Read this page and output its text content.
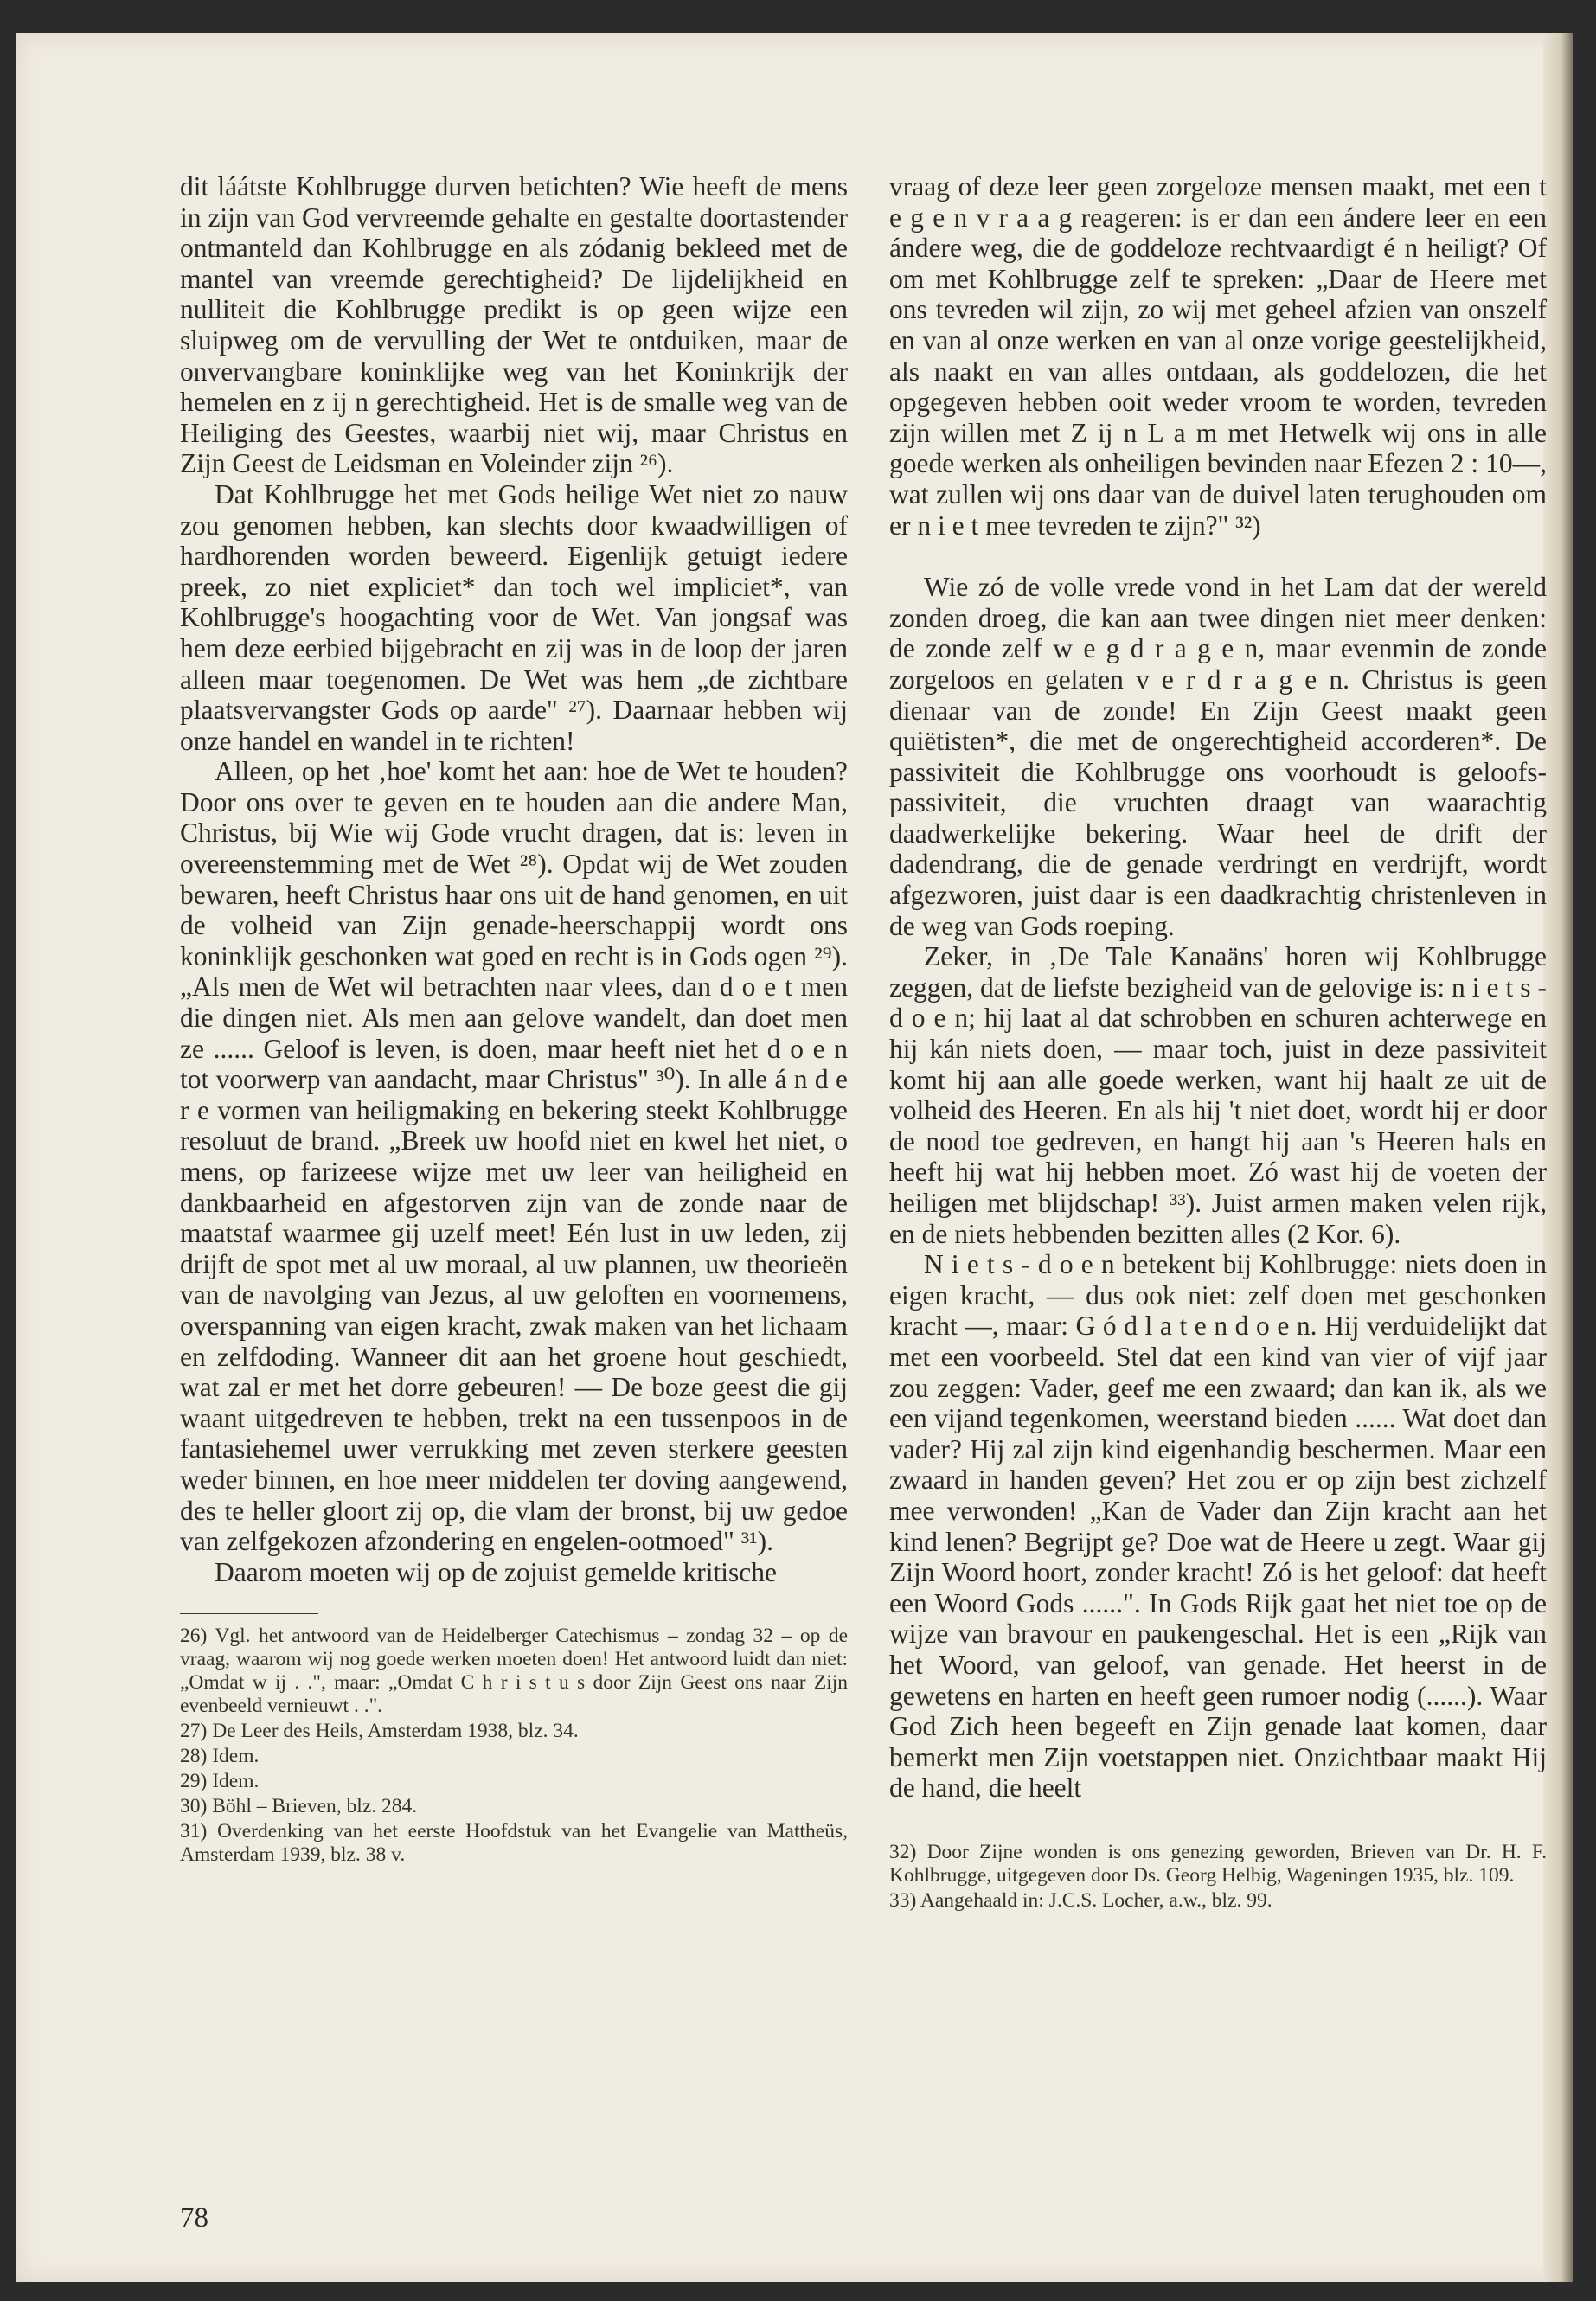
dit láátste Kohlbrugge durven betichten? Wie heeft de mens in zijn van God vervreemde gehalte en gestalte doortastender ontmanteld dan Kohlbrugge en als zódanig bekleed met de mantel van vreemde gerechtigheid? De lijdelijkheid en nulliteit die Kohlbrugge predikt is op geen wijze een sluipweg om de vervulling der Wet te ontduiken, maar de onvervangbare koninklijke weg van het Koninkrijk der hemelen en z ij n gerechtigheid. Het is de smalle weg van de Heiliging des Geestes, waarbij niet wij, maar Christus en Zijn Geest de Leidsman en Voleinder zijn ²⁶).

Dat Kohlbrugge het met Gods heilige Wet niet zo nauw zou genomen hebben, kan slechts door kwaadwilligen of hardhorenden worden beweerd. Eigenlijk getuigt iedere preek, zo niet expliciet* dan toch wel impliciet*, van Kohlbrugge's hoogachting voor de Wet. Van jongsaf was hem deze eerbied bijgebracht en zij was in de loop der jaren alleen maar toegenomen. De Wet was hem „de zichtbare plaatsvervangster Gods op aarde" ²⁷). Daarnaar hebben wij onze handel en wandel in te richten!

Alleen, op het ‚hoe' komt het aan: hoe de Wet te houden? Door ons over te geven en te houden aan die andere Man, Christus, bij Wie wij Gode vrucht dragen, dat is: leven in overeenstemming met de Wet ²⁸). Opdat wij de Wet zouden bewaren, heeft Christus haar ons uit de hand genomen, en uit de volheid van Zijn genade-heerschappij wordt ons koninklijk geschonken wat goed en recht is in Gods ogen ²⁹). „Als men de Wet wil betrachten naar vlees, dan d o e t men die dingen niet. Als men aan gelove wandelt, dan doet men ze ...... Geloof is leven, is doen, maar heeft niet het d o e n tot voorwerp van aandacht, maar Christus" ³⁰). In alle á n d e r e vormen van heiligmaking en bekering steekt Kohlbrugge resoluut de brand. „Breek uw hoofd niet en kwel het niet, o mens, op farizeese wijze met uw leer van heiligheid en dankbaarheid en afgestorven zijn van de zonde naar de maatstaf waarmee gij uzelf meet! Eén lust in uw leden, zij drijft de spot met al uw moraal, al uw plannen, uw theorieën van de navolging van Jezus, al uw geloften en voornemens, overspanning van eigen kracht, zwak maken van het lichaam en zelfdoding. Wanneer dit aan het groene hout geschiedt, wat zal er met het dorre gebeuren! — De boze geest die gij waant uitgedreven te hebben, trekt na een tussenpoos in de fantasiehemel uwer verrukking met zeven sterkere geesten weder binnen, en hoe meer middelen ter doving aangewend, des te heller gloort zij op, die vlam der bronst, bij uw gedoe van zelfgekozen afzondering en engelen-ootmoed" ³¹).

Daarom moeten wij op de zojuist gemelde kritische

26) Vgl. het antwoord van de Heidelberger Catechismus – zondag 32 – op de vraag, waarom wij nog goede werken moeten doen! Het antwoord luidt dan niet: „Omdat w ij . .", maar: „Omdat C h r i s t u s door Zijn Geest ons naar Zijn evenbeeld vernieuwt . .".

27) De Leer des Heils, Amsterdam 1938, blz. 34.

28) Idem.

29) Idem.

30) Böhl – Brieven, blz. 284.

31) Overdenking van het eerste Hoofdstuk van het Evangelie van Mattheüs, Amsterdam 1939, blz. 38 v.

vraag of deze leer geen zorgeloze mensen maakt, met een t e g e n v r a a g reageren: is er dan een ándere leer en een ándere weg, die de goddeloze rechtvaardigt é n heiligt? Of om met Kohlbrugge zelf te spreken: „Daar de Heere met ons tevreden wil zijn, zo wij met geheel afzien van onszelf en van al onze werken en van al onze vorige geestelijkheid, als naakt en van alles ontdaan, als goddelozen, die het opgegeven hebben ooit weder vroom te worden, tevreden zijn willen met Z ij n L a m met Hetwelk wij ons in alle goede werken als onheiligen bevinden naar Efezen 2 : 10—, wat zullen wij ons daar van de duivel laten terughouden om er n i e t mee tevreden te zijn?" ³²)

Wie zó de volle vrede vond in het Lam dat der wereld zonden droeg, die kan aan twee dingen niet meer denken: de zonde zelf w e g d r a g e n, maar evenmin de zonde zorgeloos en gelaten v e r d r a g e n. Christus is geen dienaar van de zonde! En Zijn Geest maakt geen quiëtisten*, die met de ongerechtigheid accorderen*. De passiviteit die Kohlbrugge ons voorhoudt is geloofs-passiviteit, die vruchten draagt van waarachtig daadwerkelijke bekering. Waar heel de drift der dadendrang, die de genade verdringt en verdrijft, wordt afgezworen, juist daar is een daadkrachtig christenleven in de weg van Gods roeping.

Zeker, in ‚De Tale Kanaäns' horen wij Kohlbrugge zeggen, dat de liefste bezigheid van de gelovige is: n i e t s - d o e n; hij laat al dat schrobben en schuren achterwege en hij kán niets doen, — maar toch, juist in deze passiviteit komt hij aan alle goede werken, want hij haalt ze uit de volheid des Heeren. En als hij 't niet doet, wordt hij er door de nood toe gedreven, en hangt hij aan 's Heeren hals en heeft hij wat hij hebben moet. Zó wast hij de voeten der heiligen met blijdschap! ³³). Juist armen maken velen rijk, en de niets hebbenden bezitten alles (2 Kor. 6).

N i e t s - d o e n betekent bij Kohlbrugge: niets doen in eigen kracht, — dus ook niet: zelf doen met geschonken kracht —, maar: G ó d l a t e n d o e n. Hij verduidelijkt dat met een voorbeeld. Stel dat een kind van vier of vijf jaar zou zeggen: Vader, geef me een zwaard; dan kan ik, als we een vijand tegenkomen, weerstand bieden ...... Wat doet dan vader? Hij zal zijn kind eigenhandig beschermen. Maar een zwaard in handen geven? Het zou er op zijn best zichzelf mee verwonden! „Kan de Vader dan Zijn kracht aan het kind lenen? Begrijpt ge? Doe wat de Heere u zegt. Waar gij Zijn Woord hoort, zonder kracht! Zó is het geloof: dat heeft een Woord Gods ......". In Gods Rijk gaat het niet toe op de wijze van bravour en paukengeschal. Het is een „Rijk van het Woord, van geloof, van genade. Het heerst in de gewetens en harten en heeft geen rumoer nodig (......). Waar God Zich heen begeeft en Zijn genade laat komen, daar bemerkt men Zijn voetstappen niet. Onzichtbaar maakt Hij de hand, die heelt

32) Door Zijne wonden is ons genezing geworden, Brieven van Dr. H. F. Kohlbrugge, uitgegeven door Ds. Georg Helbig, Wageningen 1935, blz. 109.

33) Aangehaald in: J.C.S. Locher, a.w., blz. 99.

78
